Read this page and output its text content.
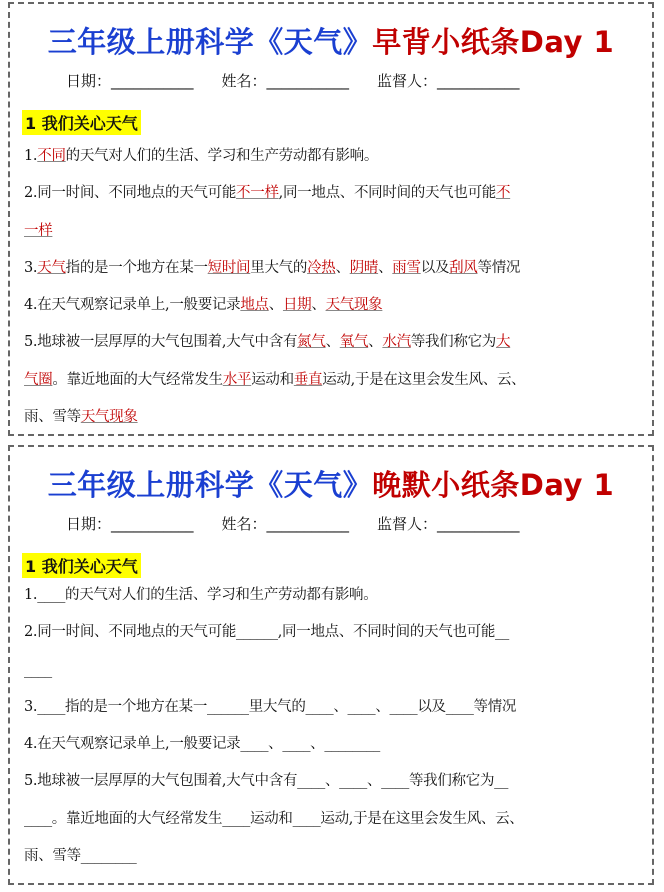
三年级上册科学《天气》早背小纸条Day 1
日期：___________ 姓名：___________ 监督人：___________
1 我们关心天气
1.不同的天气对人们的生活、学习和生产劳动都有影响。
2.同一时间、不同地点的天气可能不一样,同一地点、不同时间的天气也可能不
一样
3.天气指的是一个地方在某一短时间里大气的冷热、阴晴、雨雪以及刮风等情况
4.在天气观察记录单上,一般要记录地点、日期、天气现象
5.地球被一层厚厚的大气包围着,大气中含有氮气、氧气、水汽等我们称它为大
气圈。靠近地面的大气经常发生水平运动和垂直运动,于是在这里会发生风、云、
雨、雪等天气现象
三年级上册科学《天气》晚默小纸条Day 1
日期：___________ 姓名：___________ 监督人：___________
1 我们关心天气
1.____的天气对人们的生活、学习和生产劳动都有影响。
2.同一时间、不同地点的天气可能______,同一地点、不同时间的天气也可能__
____
3.____指的是一个地方在某一______里大气的____、____、____以及____等情况
4.在天气观察记录单上,一般要记录____、____、________
5.地球被一层厚厚的大气包围着,大气中含有____、____、____等我们称它为__
____。靠近地面的大气经常发生____运动和____运动,于是在这里会发生风、云、
雨、雪等________
